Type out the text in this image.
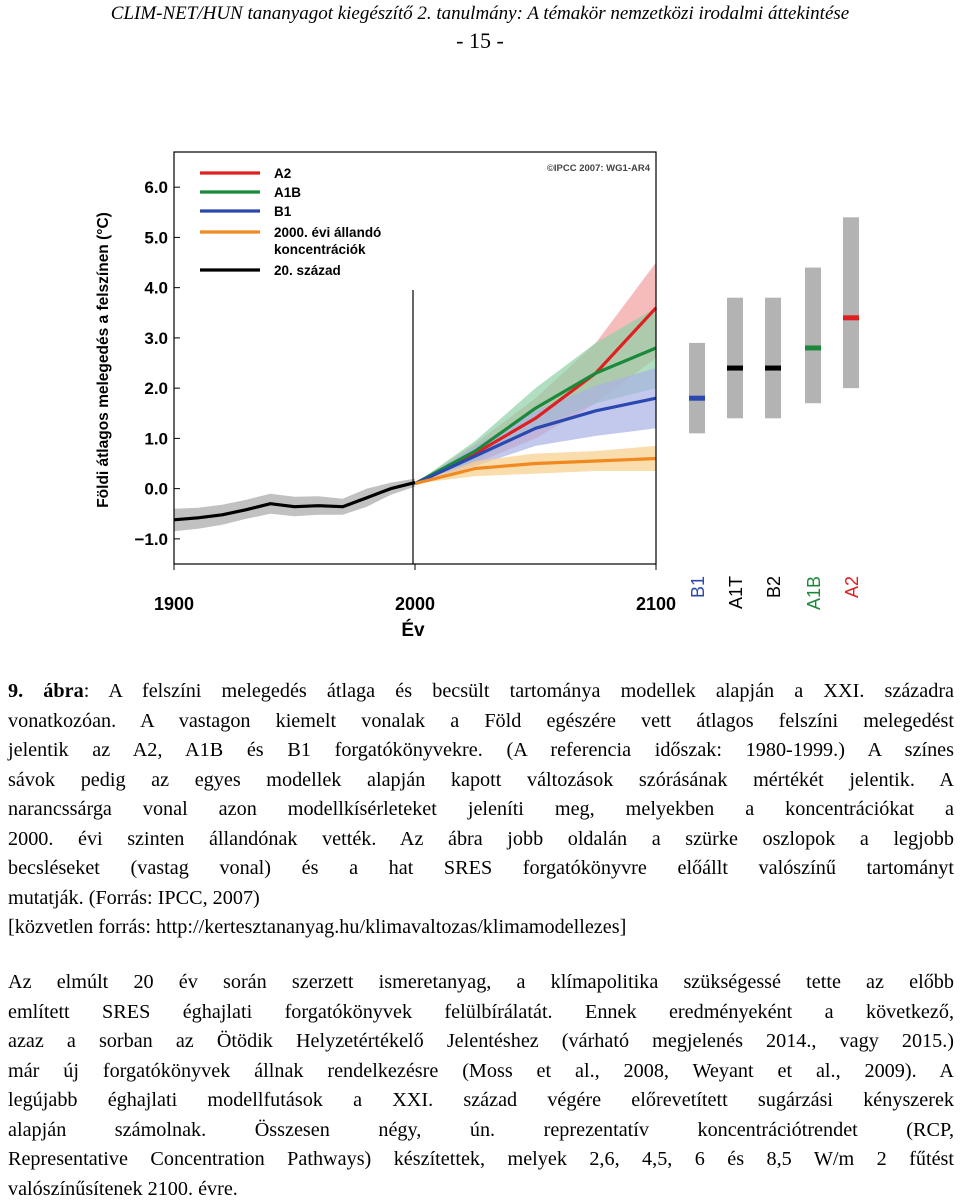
CLIM-NET/HUN tananyagot kiegészítő 2. tanulmány: A témakör nemzetközi irodalmi áttekintése
- 15 -
6.0
5.0
4.0
3.0
2.0
1.0
0.0
−1.0
1900	2000	2100
A2
A1B
B1
2000. évi állandó koncentrációk
20. század
©IPCC 2007: WG1-AR4
Földi átlagos melegedés a felszínen (°C)
Év
B1 A1T B2 A1B A2
9. ábra: A felszíni melegedés átlaga és becsült tartománya modellek alapján a XXI. századra
vonatkozóan. A vastagon kiemelt vonalak a Föld egészére vett átlagos felszíni melegedést
jelentik az A2, A1B és B1 forgatókönyvekre. (A referencia időszak: 1980-1999.) A színes
sávok pedig az egyes modellek alapján kapott változások szórásának mértékét jelentik. A
narancssárga vonal azon modellkísérleteket jeleníti meg, melyekben a koncentrációkat a
2000. évi szinten állandónak vették. Az ábra jobb oldalán a szürke oszlopok a legjobb
becsléseket (vastag vonal) és a hat SRES forgatókönyvre előállt valószínű tartományt
mutatják. (Forrás: IPCC, 2007)
[közvetlen forrás: http://kertesztananyag.hu/klimavaltozas/klimamodellezes]
Az elmúlt 20 év során szerzett ismeretanyag, a klímapolitika szükségessé tette az előbb
említett SRES éghajlati forgatókönyvek felülbírálatát. Ennek eredményeként a következő,
azaz a sorban az Ötödik Helyzetértékelő Jelentéshez (várható megjelenés 2014., vagy 2015.)
már új forgatókönyvek állnak rendelkezésre (Moss et al., 2008, Weyant et al., 2009). A
legújabb éghajlati modellfutások a XXI. század végére előrevetített sugárzási kényszerek
alapján számolnak. Összesen négy, ún. reprezentatív koncentrációtrendet (RCP,
Representative Concentration Pathways) készítettek, melyek 2,6, 4,5, 6 és 8,5 W/m 2 fűtést
valószínűsítenek 2100. évre.
